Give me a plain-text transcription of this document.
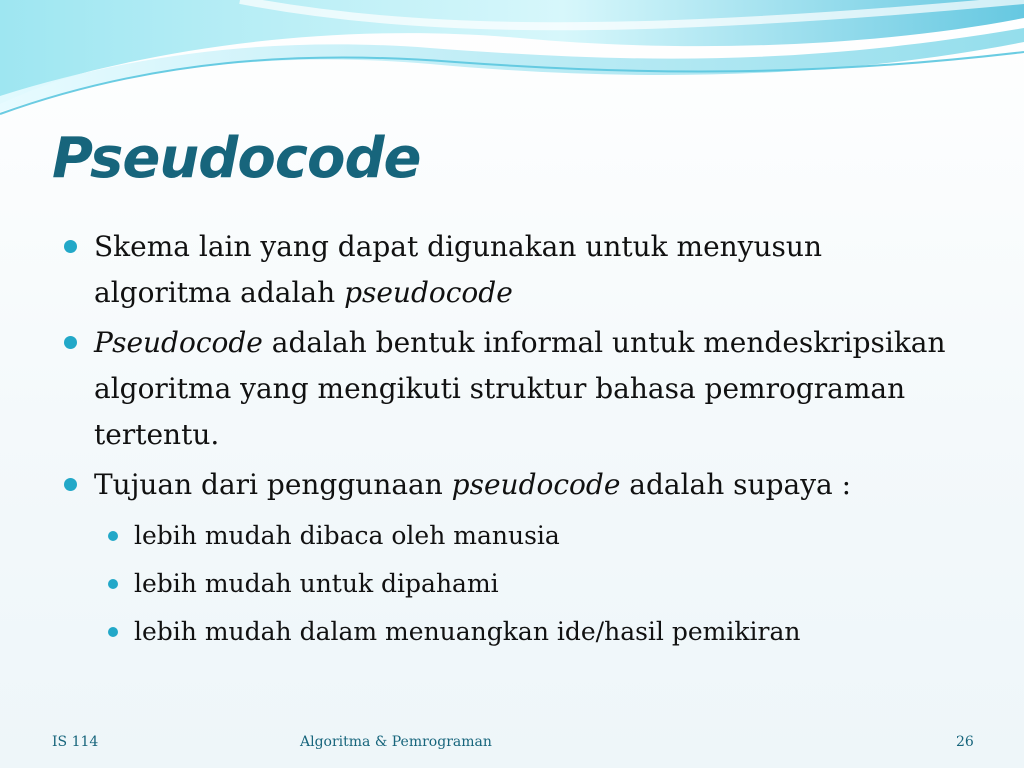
Pseudocode
Skema lain yang dapat digunakan untuk menyusun algoritma adalah pseudocode
Pseudocode adalah bentuk informal untuk mendeskripsikan algoritma yang mengikuti struktur bahasa pemrograman tertentu.
Tujuan dari penggunaan pseudocode adalah supaya :
lebih mudah dibaca oleh manusia
lebih mudah untuk dipahami
lebih mudah dalam menuangkan ide/hasil pemikiran
IS 114	Algoritma & Pemrograman	26
